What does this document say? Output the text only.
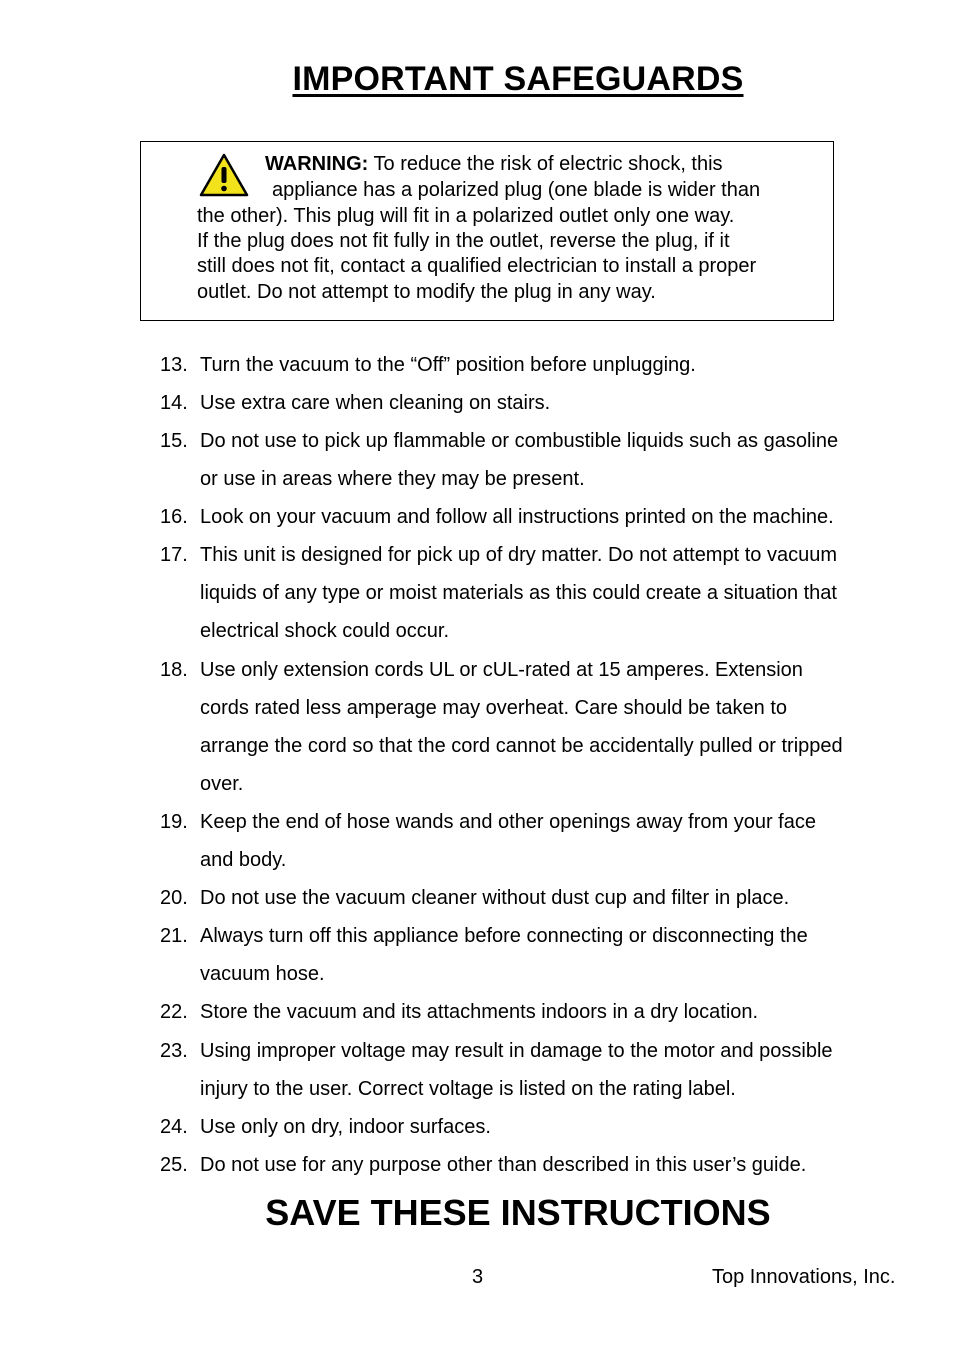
IMPORTANT SAFEGUARDS
WARNING: To reduce the risk of electric shock, this
appliance has a polarized plug (one blade is wider than
the other). This plug will fit in a polarized outlet only one way.
If the plug does not fit fully in the outlet, reverse the plug, if it
still does not fit, contact a qualified electrician to install a proper
outlet. Do not attempt to modify the plug in any way.
13. Turn the vacuum to the “Off” position before unplugging.
14. Use extra care when cleaning on stairs.
15. Do not use to pick up flammable or combustible liquids such as gasoline
or use in areas where they may be present.
16. Look on your vacuum and follow all instructions printed on the machine.
17. This unit is designed for pick up of dry matter. Do not attempt to vacuum
liquids of any type or moist materials as this could create a situation that
electrical shock could occur.
18. Use only extension cords UL or cUL-rated at 15 amperes. Extension
cords rated less amperage may overheat. Care should be taken to
arrange the cord so that the cord cannot be accidentally pulled or tripped
over.
19. Keep the end of hose wands and other openings away from your face
and body.
20. Do not use the vacuum cleaner without dust cup and filter in place.
21. Always turn off this appliance before connecting or disconnecting the
vacuum hose.
22. Store the vacuum and its attachments indoors in a dry location.
23. Using improper voltage may result in damage to the motor and possible
injury to the user. Correct voltage is listed on the rating label.
24. Use only on dry, indoor surfaces.
25. Do not use for any purpose other than described in this user’s guide.
SAVE THESE INSTRUCTIONS
3	Top Innovations, Inc.
